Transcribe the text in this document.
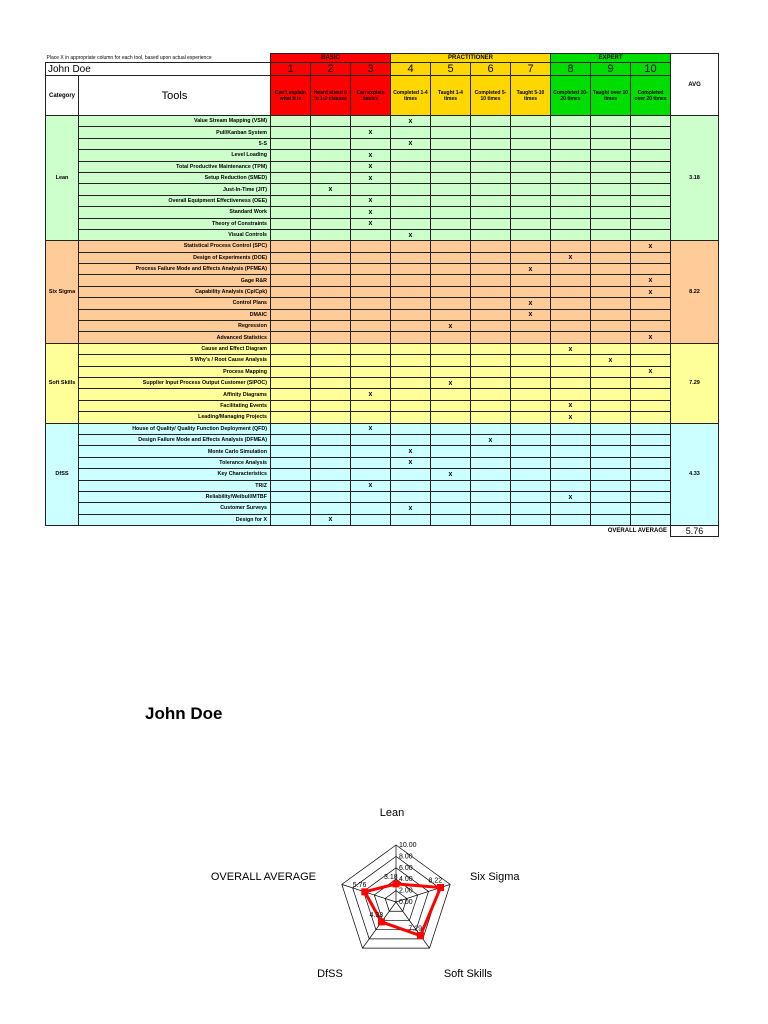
Place X in appropriate column for each tool, based upon actual experience		BASIC			PRACTITIONER				EXPERT			AVG
John Doe		1	2	3	4	5	6	7	8	9	10	
Category	Tools	Can't explain what it is	Heard about it in 1-2 classes	Can explain basics	Completed 1-4 times	Taught 1-4 times	Completed 5-10 times	Taught 5-10 times	Completed 10-20 times	Taught over 10 times	Completed over 20 times	
Lean	Value Stream Mapping (VSM)				x							3.18
	Pull/Kanban System			x								
	5-S				x							
	Level Loading			x								
	Total Productive Maintenance (TPM)			x								
	Setup Reduction (SMED)			x								
	Just-In-Time (JIT)		x									
	Overall Equipment Effectiveness (OEE)			x								
	Standard Work			x								
	Theory of Constraints			x								
	Visual Controls				x							
Six Sigma	Statistical Process Control (SPC)										x	8.22
	Design of Experiments (DOE)								x			
	Process Failure Mode and Effects Analysis (PFMEA)							x				
	Gage R&R										x	
	Capability Analysis (Cp/Cpk)										x	
	Control Plans							x				
	DMAIC							x				
	Regression					x						
	Advanced Statistics										x	
Soft Skills	Cause and Effect Diagram								x			7.29
	5 Why's / Root Cause Analysis									x		
	Process Mapping										x	
	Supplier Input Process Output Customer (SIPOC)					x						
	Affinity Diagrams			x								
	Facilitating Events								x			
	Leading/Managing Projects								x			
DfSS	House of Quality/ Quality Function Deployment (QFD)			x								4.33
	Design Failure Mode and Effects Analysis (DFMEA)						x					
	Monte Carlo Simulation				x							
	Tolerance Analysis				x							
	Key Characteristics					x						
	TRIZ			x								
	Reliability/Weibull/MTBF								x			
	Customer Surveys				x							
	Design for X		x									
		OVERALL AVERAGE										5.76
John Doe
2.00
4.00
6.00
8.00
10.00
0.00
3.18
8.22
7.29
4.33
5.76
Lean
Six Sigma
Soft Skills
DfSS
OVERALL AVERAGE
